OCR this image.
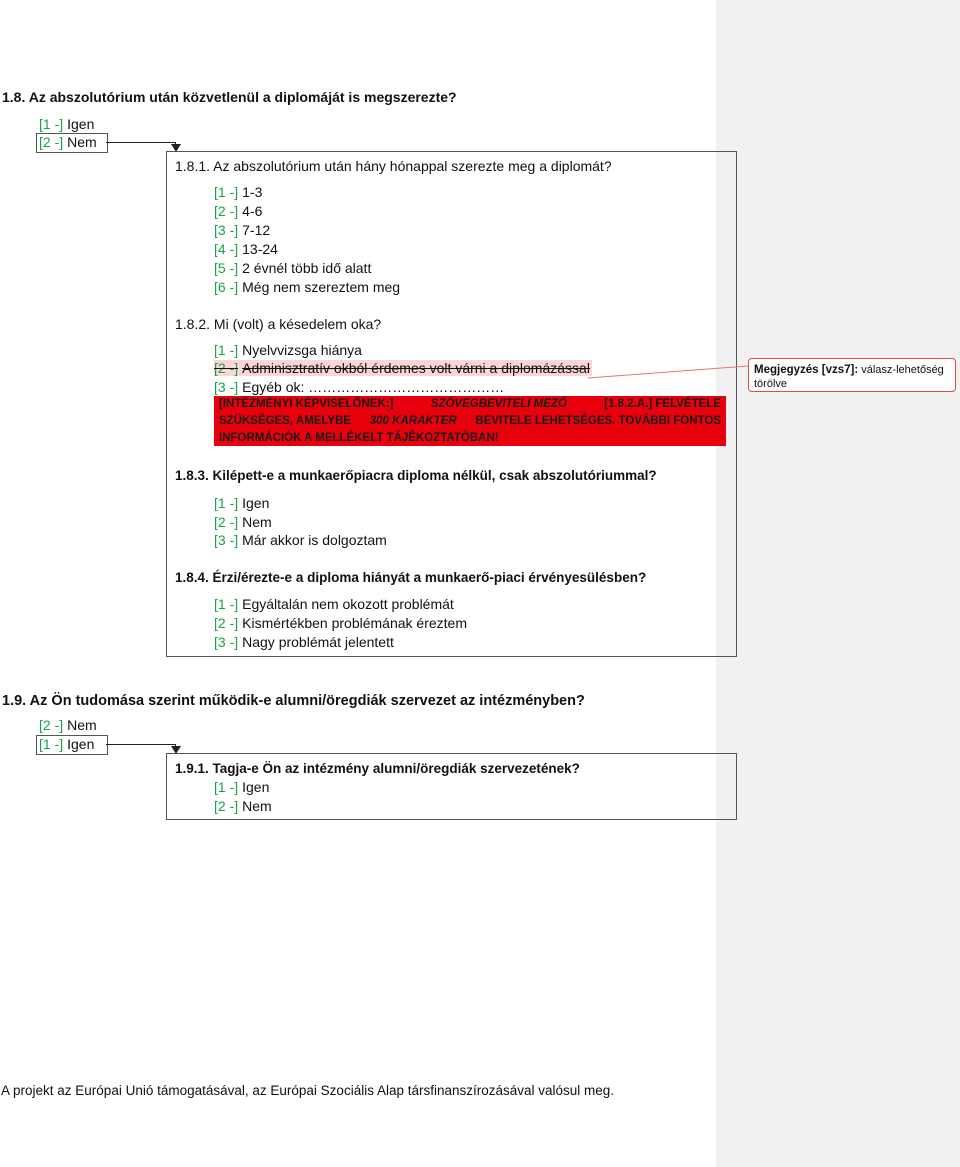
1.8. Az abszolutórium után közvetlenül a diplomáját is megszerezte?
[1 -] Igen
[2 -] Nem
1.8.1. Az abszolutórium után hány hónappal szerezte meg a diplomát?
[1 -] 1-3
[2 -] 4-6
[3 -] 7-12
[4 -] 13-24
[5 -] 2 évnél több idő alatt
[6 -] Még nem szereztem meg
1.8.2. Mi (volt) a késedelem oka?
[1 -] Nyelvvizsga hiánya
[2 -] Adminisztratív okból érdemes volt várni a diplomázással
[3 -] Egyéb ok: ……………………………………
[INTÉZMÉNYI KÉPVISELŐNEK:]	SZÖVEGBEVITELI MEZŐ	[1.8.2.A.] FELVÉTELE
SZÜKSÉGES, AMELYBE 300 KARAKTER BEVITELE LEHETSÉGES. TOVÁBBI FONTOS
INFORMÁCIÓK A MELLÉKELT TÁJÉKOZTATÓBAN!
Megjegyzés [vzs7]: válasz-lehetőség
törölve
1.8.3. Kilépett-e a munkaerőpiacra diploma nélkül, csak abszolutóriummal?
[1 -] Igen
[2 -] Nem
[3 -] Már akkor is dolgoztam
1.8.4. Érzi/érezte-e a diploma hiányát a munkaerő-piaci érvényesülésben?
[1 -] Egyáltalán nem okozott problémát
[2 -] Kismértékben problémának éreztem
[3 -] Nagy problémát jelentett
1.9. Az Ön tudomása szerint működik-e alumni/öregdiák szervezet az intézményben?
[2 -] Nem
[1 -] Igen
1.9.1. Tagja-e Ön az intézmény alumni/öregdiák szervezetének?
[1 -] Igen
[2 -] Nem
A projekt az Európai Unió támogatásával, az Európai Szociális Alap társfinanszírozásával valósul meg.
